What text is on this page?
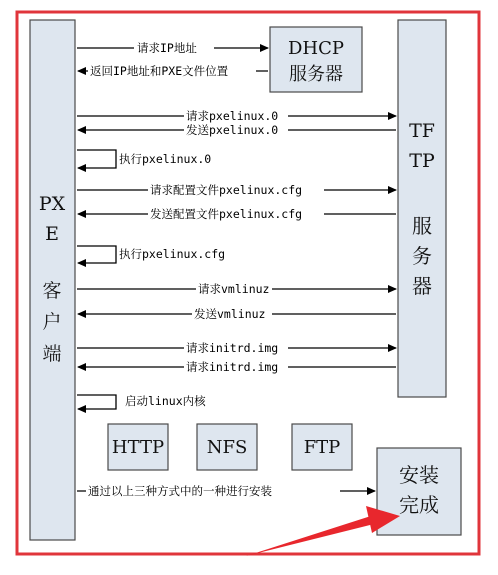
PX
E
客
户
端
DHCP
服务器
TF
TP
服
务
器
HTTP NFS	FTP
安装
完成
请求IP地址
返回IP地址和PXE文件位置
请求pxelinux.0
发送pxelinux.0
执行pxelinux.0
请求配置文件pxelinux.cfg
发送配置文件pxelinux.cfg
执行pxelinux.cfg
请求vmlinuz
发送vmlinuz
请求initrd.img
请求initrd.img
启动linux内核
通过以上三种方式中的一种进行安装
